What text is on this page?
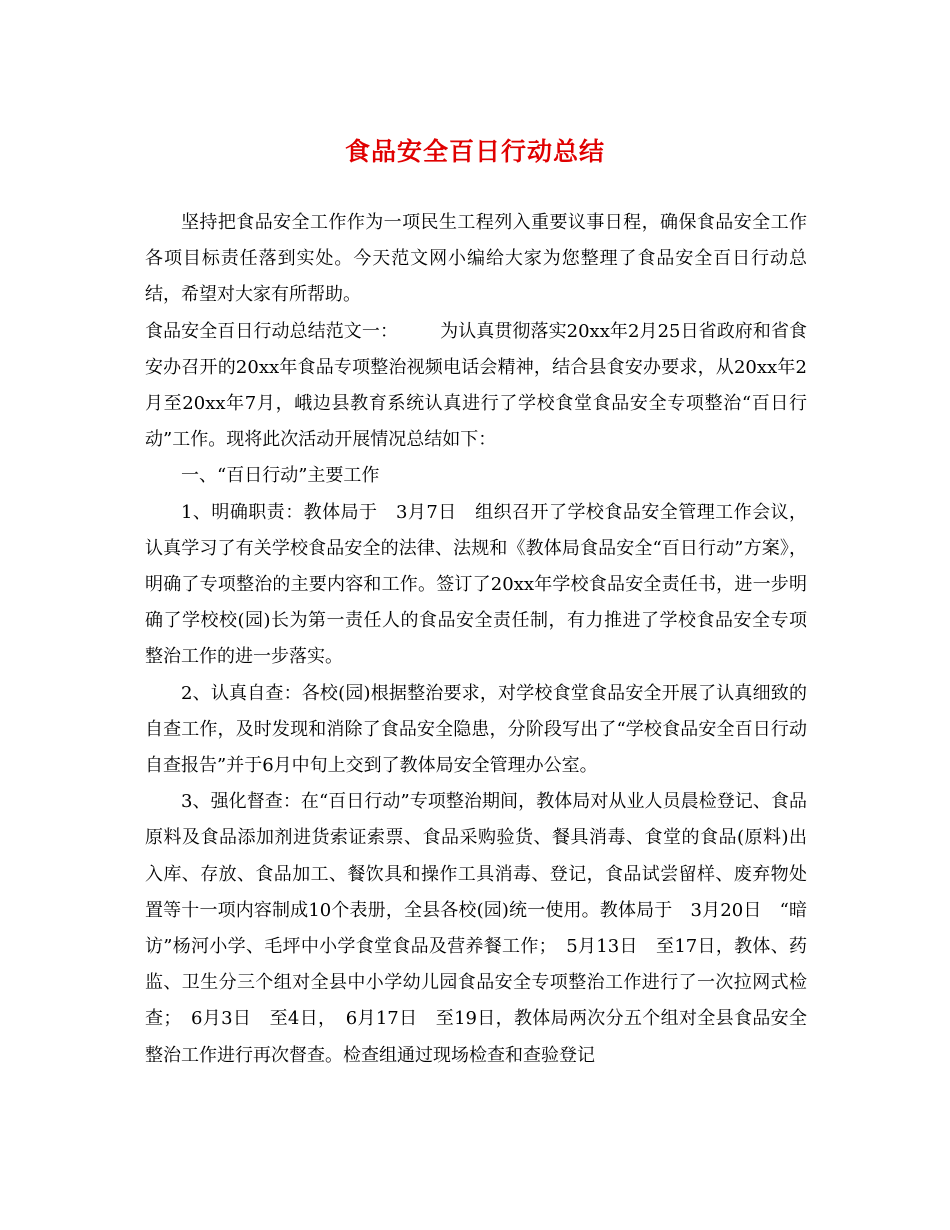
食品安全百日行动总结

坚持把食品安全工作作为一项民生工程列入重要议事日程，确保食品安全工作各项目标责任落到实处。今天范文网小编给大家为您整理了食品安全百日行动总结，希望对大家有所帮助。

食品安全百日行动总结范文一： 为认真贯彻落实20xx年2月25日省政府和省食安办召开的20xx年食品专项整治视频电话会精神，结合县食安办要求，从20xx年2月至20xx年7月，峨边县教育系统认真进行了学校食堂食品安全专项整治“百日行动”工作。现将此次活动开展情况总结如下：

一、“百日行动”主要工作

1、明确职责：教体局于　3月7日　组织召开了学校食品安全管理工作会议，认真学习了有关学校食品安全的法律、法规和《教体局食品安全“百日行动”方案》，明确了专项整治的主要内容和工作。签订了20xx年学校食品安全责任书，进一步明确了学校校(园)长为第一责任人的食品安全责任制，有力推进了学校食品安全专项整治工作的进一步落实。

2、认真自查：各校(园)根据整治要求，对学校食堂食品安全开展了认真细致的自查工作，及时发现和消除了食品安全隐患，分阶段写出了“学校食品安全百日行动自查报告”并于6月中旬上交到了教体局安全管理办公室。

3、强化督查：在“百日行动”专项整治期间，教体局对从业人员晨检登记、食品原料及食品添加剂进货索证索票、食品采购验货、餐具消毒、食堂的食品(原料)出入库、存放、食品加工、餐饮具和操作工具消毒、登记，食品试尝留样、废弃物处置等十一项内容制成10个表册，全县各校(园)统一使用。教体局于　3月20日　“暗访”杨河小学、毛坪中小学食堂食品及营养餐工作；　5月13日　至17日，教体、药监、卫生分三个组对全县中小学幼儿园食品安全专项整治工作进行了一次拉网式检查；　6月3日　至4日，　6月17日　至19日，教体局两次分五个组对全县食品安全整治工作进行再次督查。检查组通过现场检查和查验登记
